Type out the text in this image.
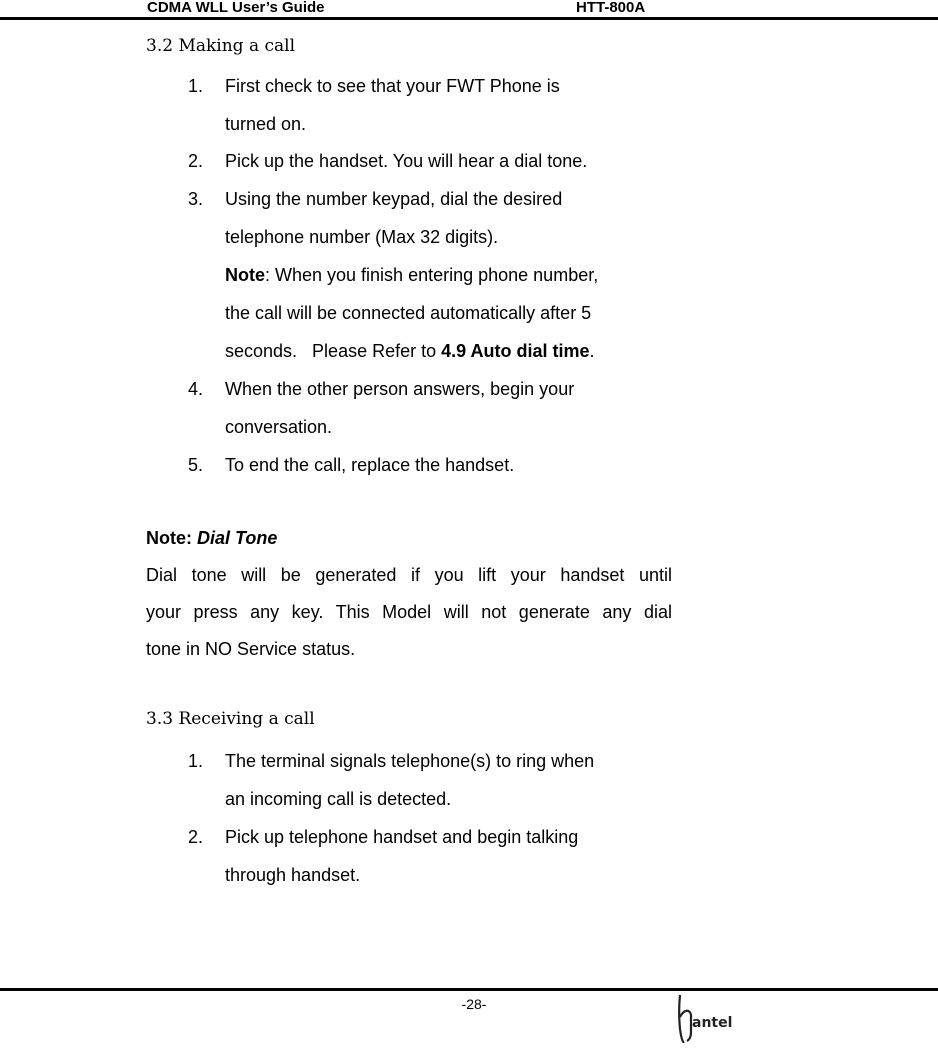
CDMA WLL User’s Guide	HTT-800A
3.2 Making a call
1. First check to see that your FWT Phone is
turned on.
2. Pick up the handset. You will hear a dial tone.
3. Using the number keypad, dial the desired
telephone number (Max 32 digits).
Note: When you finish entering phone number,
the call will be connected automatically after 5
seconds.   Please Refer to 4.9 Auto dial time.
4. When the other person answers, begin your
conversation.
5. To end the call, replace the handset.
Note: Dial Tone
Dial tone will be generated if you lift your handset until
your press any key. This Model will not generate any dial
tone in NO Service status.
3.3 Receiving a call
1. The terminal signals telephone(s) to ring when
an incoming call is detected.
2. Pick up telephone handset and begin talking
through handset.
-28-
antel
